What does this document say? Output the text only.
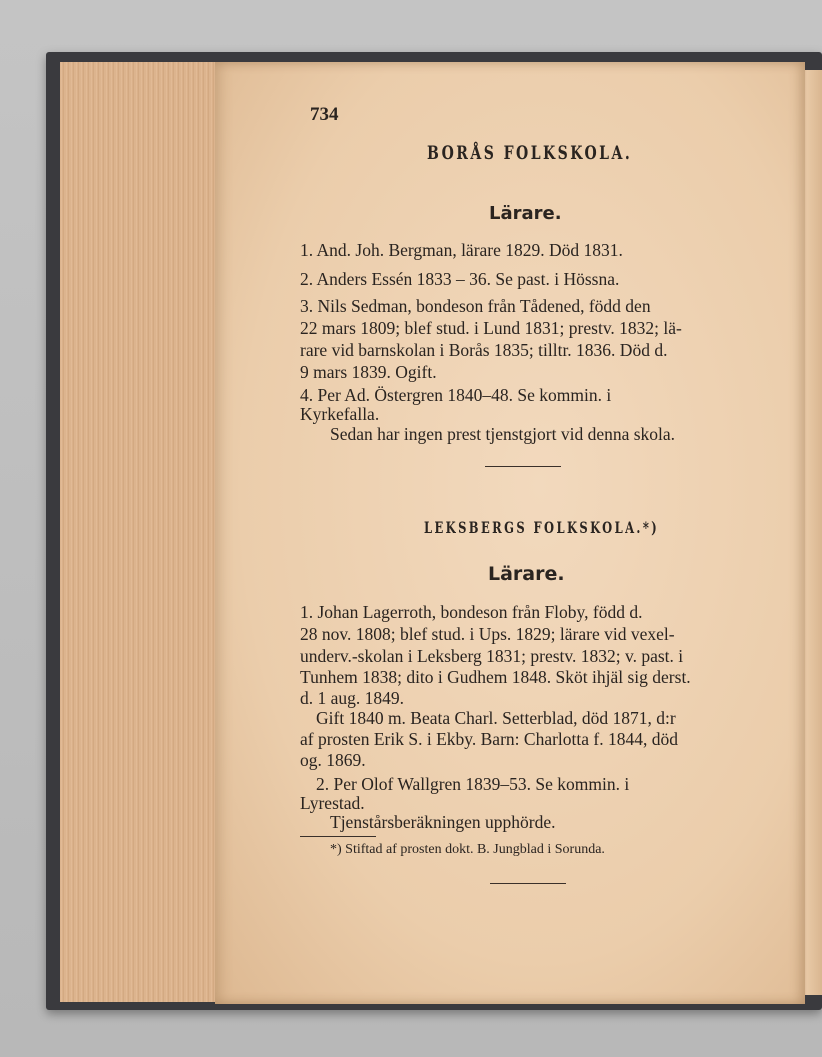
734
BORÅS FOLKSKOLA.
Lärare.
1. And. Joh. Bergman, lärare 1829. Död 1831.
2. Anders Essén 1833 – 36. Se past. i Hössna.
3. Nils Sedman, bondeson från Tådened, född den
22 mars 1809; blef stud. i Lund 1831; prestv. 1832; lä-
rare vid barnskolan i Borås 1835; tilltr. 1836. Död d.
9 mars 1839. Ogift.
4. Per Ad. Östergren 1840–48. Se kommin. i
Kyrkefalla.
Sedan har ingen prest tjenstgjort vid denna skola.
LEKSBERGS FOLKSKOLA.*)
Lärare.
1. Johan Lagerroth, bondeson från Floby, född d.
28 nov. 1808; blef stud. i Ups. 1829; lärare vid vexel-
underv.-skolan i Leksberg 1831; prestv. 1832; v. past. i
Tunhem 1838; dito i Gudhem 1848. Sköt ihjäl sig derst.
d. 1 aug. 1849.
Gift 1840 m. Beata Charl. Setterblad, död 1871, d:r
af prosten Erik S. i Ekby. Barn: Charlotta f. 1844, död
og. 1869.
2. Per Olof Wallgren 1839–53. Se kommin. i
Lyrestad.
Tjenstårsberäkningen upphörde.
*) Stiftad af prosten dokt. B. Jungblad i Sorunda.
